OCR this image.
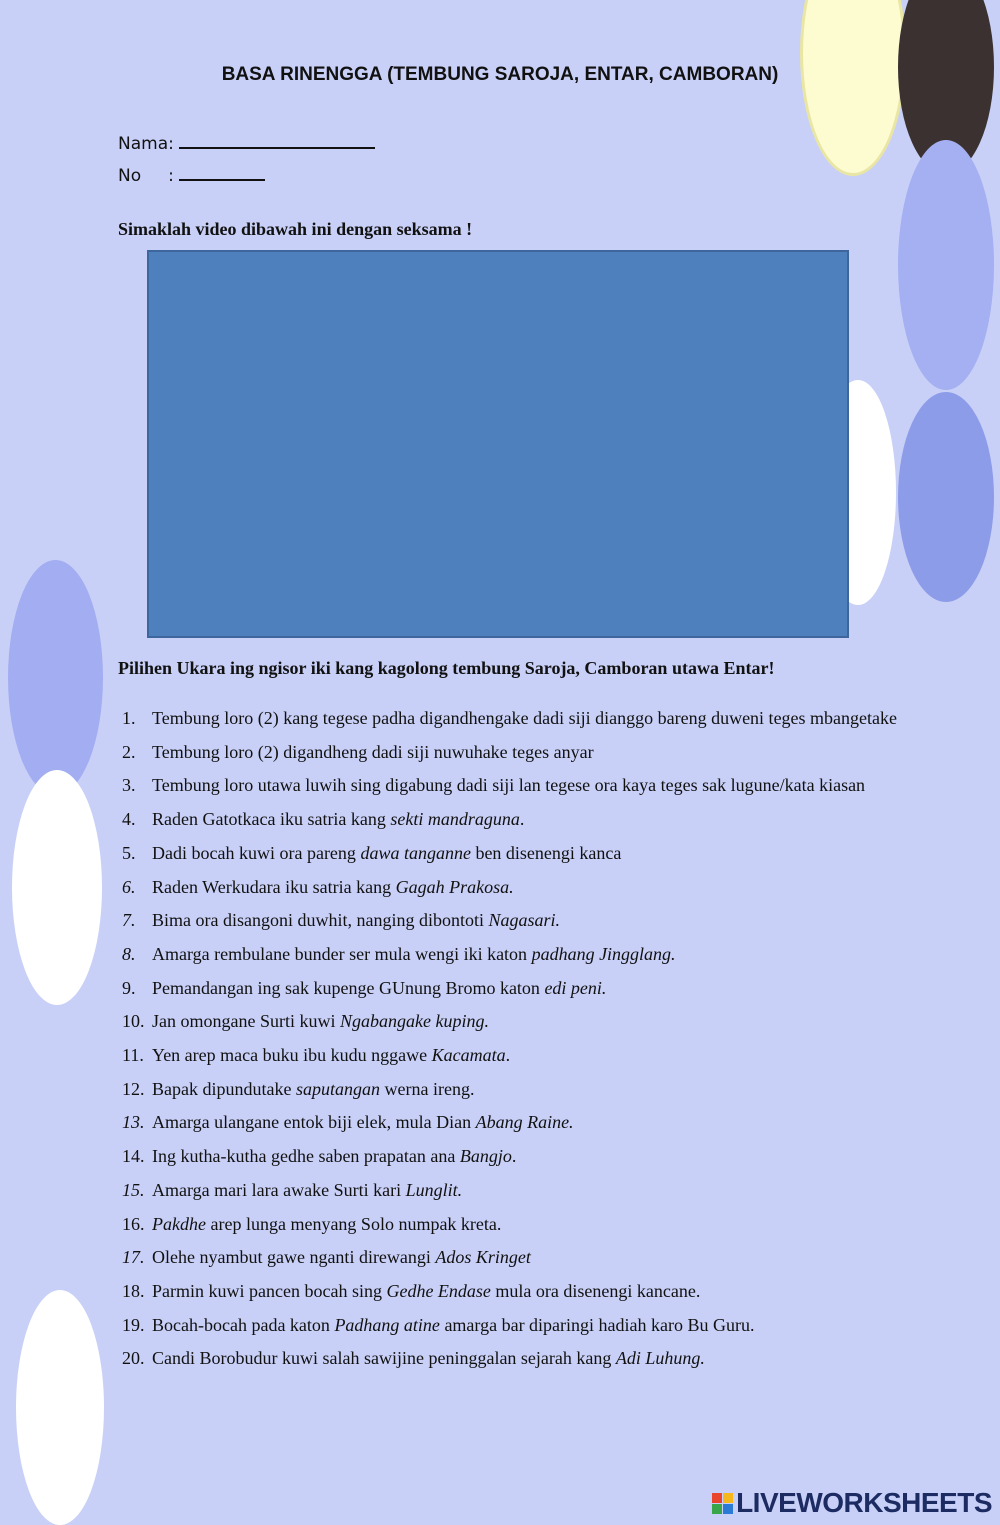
BASA RINENGGA (TEMBUNG SAROJA, ENTAR, CAMBORAN)
Nama:
No     :
Simaklah video dibawah ini dengan seksama !
Pilihen Ukara ing ngisor iki kang kagolong tembung Saroja, Camboran utawa Entar!
1. Tembung loro (2) kang tegese padha digandhengake dadi siji dianggo bareng duweni teges mbangetake
2. Tembung loro (2) digandheng dadi siji nuwuhake teges anyar
3. Tembung loro utawa luwih sing digabung dadi siji lan tegese ora kaya teges sak lugune/kata kiasan
4. Raden Gatotkaca iku satria kang sekti mandraguna.
5. Dadi bocah kuwi ora pareng dawa tanganne ben disenengi kanca
6. Raden Werkudara iku satria kang Gagah Prakosa.
7. Bima ora disangoni duwhit, nanging dibontoti Nagasari.
8. Amarga rembulane bunder ser mula wengi iki katon padhang Jingglang.
9. Pemandangan ing sak kupenge GUnung Bromo katon edi peni.
10. Jan omongane Surti kuwi Ngabangake kuping.
11. Yen arep maca buku ibu kudu nggawe Kacamata.
12. Bapak dipundutake saputangan werna ireng.
13. Amarga ulangane entok biji elek, mula Dian Abang Raine.
14. Ing kutha-kutha gedhe saben prapatan ana Bangjo.
15. Amarga mari lara awake Surti kari Lunglit.
16. Pakdhe arep lunga menyang Solo numpak kreta.
17. Olehe nyambut gawe nganti direwangi Ados Kringet
18. Parmin kuwi pancen bocah sing Gedhe Endase mula ora disenengi kancane.
19. Bocah-bocah pada katon Padhang atine amarga bar diparingi hadiah karo Bu Guru.
20. Candi Borobudur kuwi salah sawijine peninggalan sejarah kang Adi Luhung.
LIVEWORKSHEETS
